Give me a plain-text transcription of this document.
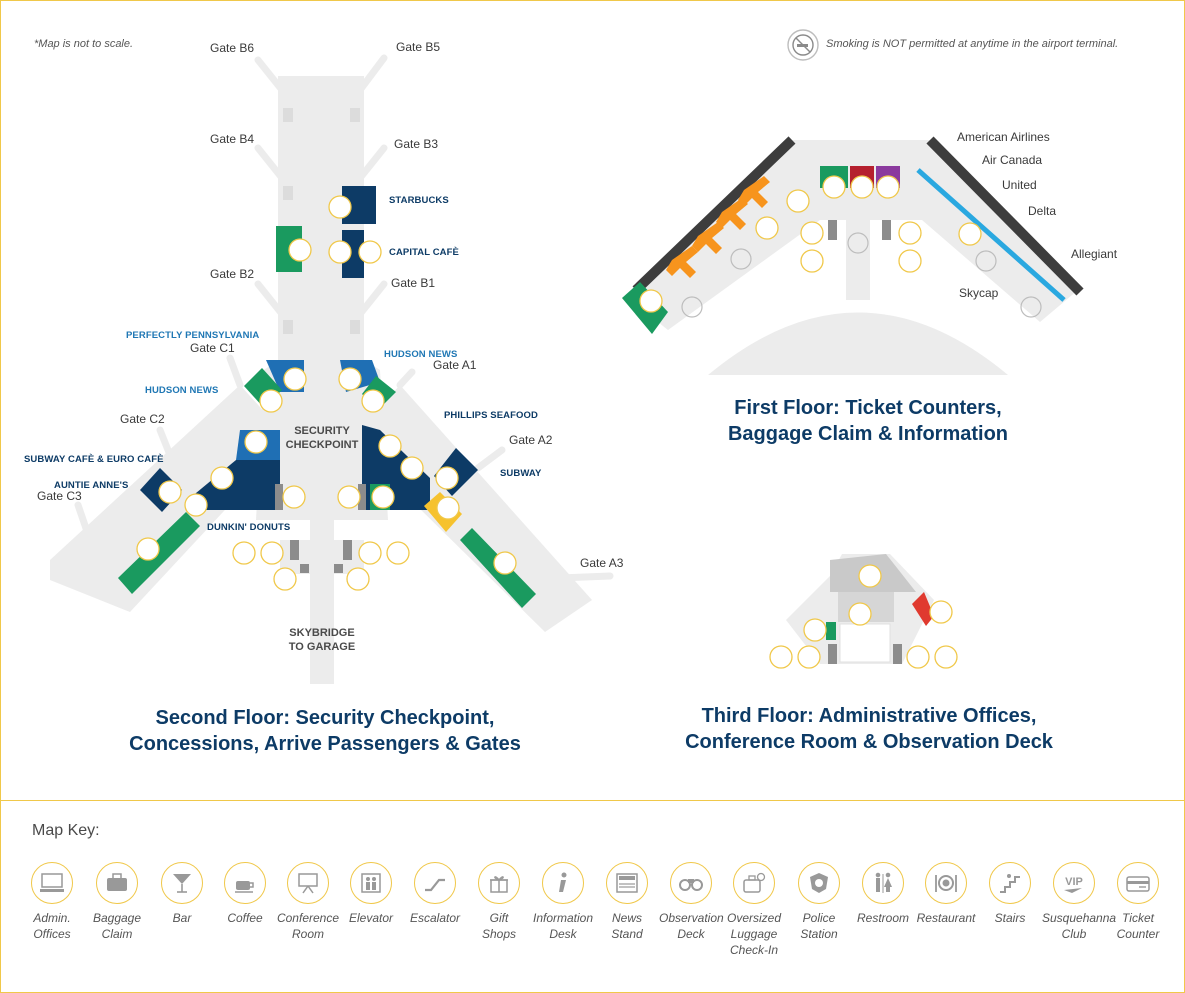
*Map is not to scale.	Smoking is NOT permitted at anytime in the airport terminal.
Gate B6	Gate B5
Gate B4	Gate B3
Gate B2
Gate B1
Gate C1
Gate A1
Gate C2
Gate A2
Gate C3
Gate A3
STARBUCKS
CAPITAL CAFÈ
PERFECTLY PENNSYLVANIA
HUDSON NEWS
HUDSON NEWS
PHILLIPS SEAFOOD
SUBWAY CAFÈ & EURO CAFÈ
SUBWAY
AUNTIE ANNE'S
DUNKIN' DONUTS
SECURITY
CHECKPOINT
SKYBRIDGE
TO GARAGE
Second Floor: Security Checkpoint,
Concessions, Arrive Passengers & Gates
American Airlines
Air Canada
United
Delta
Allegiant
Skycap
First Floor: Ticket Counters,
Baggage Claim & Information
Third Floor: Administrative Offices,
Conference Room & Observation Deck
Map Key:
Admin.
Offices
Baggage
Claim
Bar	Coffee	Conference
Room
Elevator	Escalator	Gift
Shops
Information
Desk
News
Stand
Observation
Deck
Oversized
Luggage
Check-In
Police
Station
Restroom Restaurant	Stairs
VIP
Susquehanna
Club
Ticket
Counter
